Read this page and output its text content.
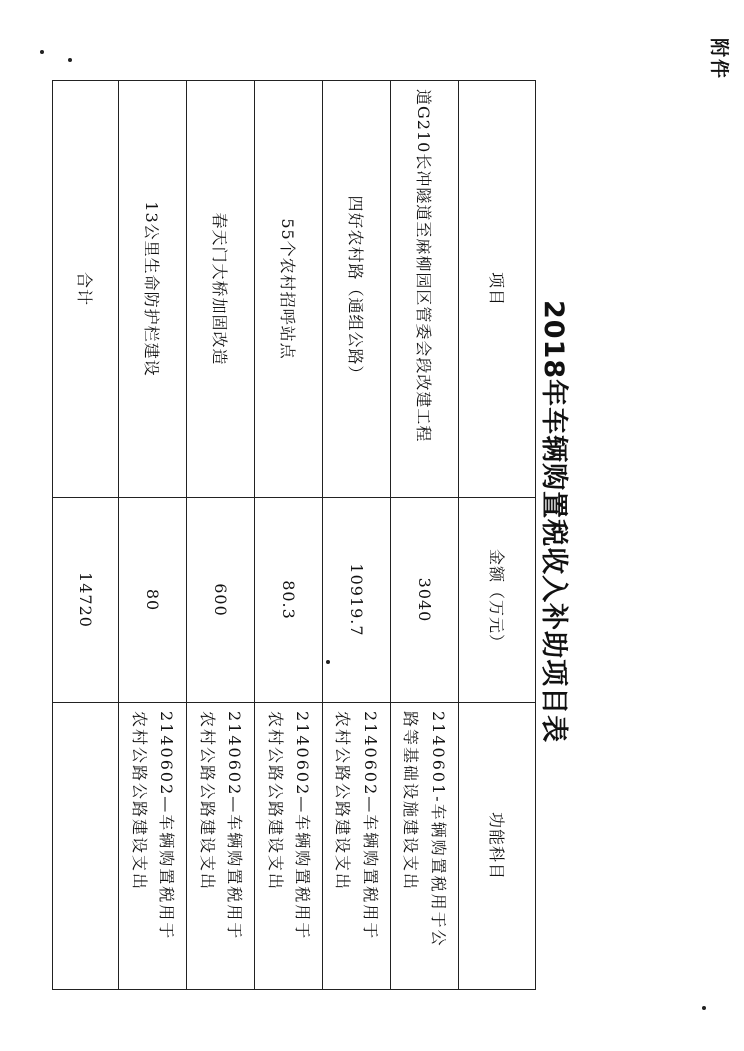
附件
2018年车辆购置税收入补助项目表
项目	金额（万元）	功能科目
道G210长冲隧道至麻柳园区管委会段改建工程	3040	2140601-车辆购置税用于公
路等基础设施建设支出

四好农村路（通组公路）	10919.7	2140602—车辆购置税用于
农村公路公路建设支出

55个农村招呼站点	80.3	2140602—车辆购置税用于
农村公路公路建设支出

春天门大桥加固改造	600	2140602—车辆购置税用于
农村公路公路建设支出

13公里生命防护栏建设	80	2140602—车辆购置税用于
农村公路公路建设支出

合计	14720	
